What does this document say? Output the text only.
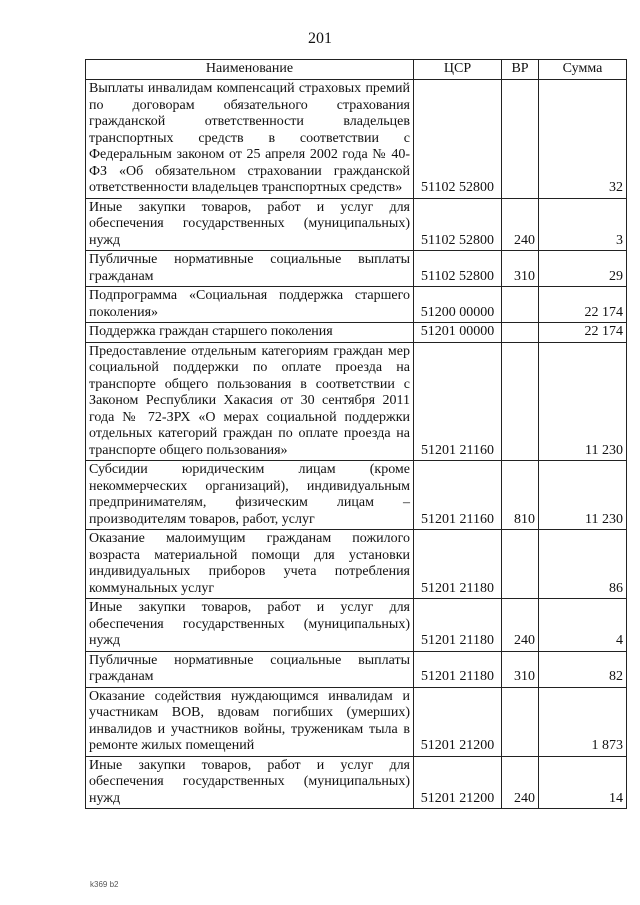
201
Наименование	ЦСР	ВР	Сумма
Выплаты инвалидам компенсаций страховых премий по договорам обязательного страхования гражданской ответственности владельцев транспортных средств в соответствии с Федеральным законом от 25 апреля 2002 года № 40-ФЗ «Об обязательном страховании гражданской ответственности владельцев транспортных средств»	51102 52800		32
Иные закупки товаров, работ и услуг для обеспечения государственных (муниципальных) нужд	51102 52800	240	3
Публичные нормативные социальные выплаты гражданам	51102 52800	310	29
Подпрограмма «Социальная поддержка старшего поколения»	51200 00000		22 174
Поддержка граждан старшего поколения	51201 00000		22 174
Предоставление отдельным категориям граждан мер социальной поддержки по оплате проезда на транспорте общего пользования в соответствии с Законом Республики Хакасия от 30 сентября 2011 года № 72-ЗРХ «О мерах социальной поддержки отдельных категорий граждан по оплате проезда на транспорте общего пользования»	51201 21160		11 230
Субсидии юридическим лицам (кроме некоммерческих организаций), индивидуальным предпринимателям, физическим лицам – производителям товаров, работ, услуг	51201 21160	810	11 230
Оказание малоимущим гражданам пожилого возраста материальной помощи для установки индивидуальных приборов учета потребления коммунальных услуг	51201 21180		86
Иные закупки товаров, работ и услуг для обеспечения государственных (муниципальных) нужд	51201 21180	240	4
Публичные нормативные социальные выплаты гражданам	51201 21180	310	82
Оказание содействия нуждающимся инвалидам и участникам ВОВ, вдовам погибших (умерших) инвалидов и участников войны, труженикам тыла в ремонте жилых помещений	51201 21200		1 873
Иные закупки товаров, работ и услуг для обеспечения государственных (муниципальных) нужд	51201 21200	240	14
k369 b2
